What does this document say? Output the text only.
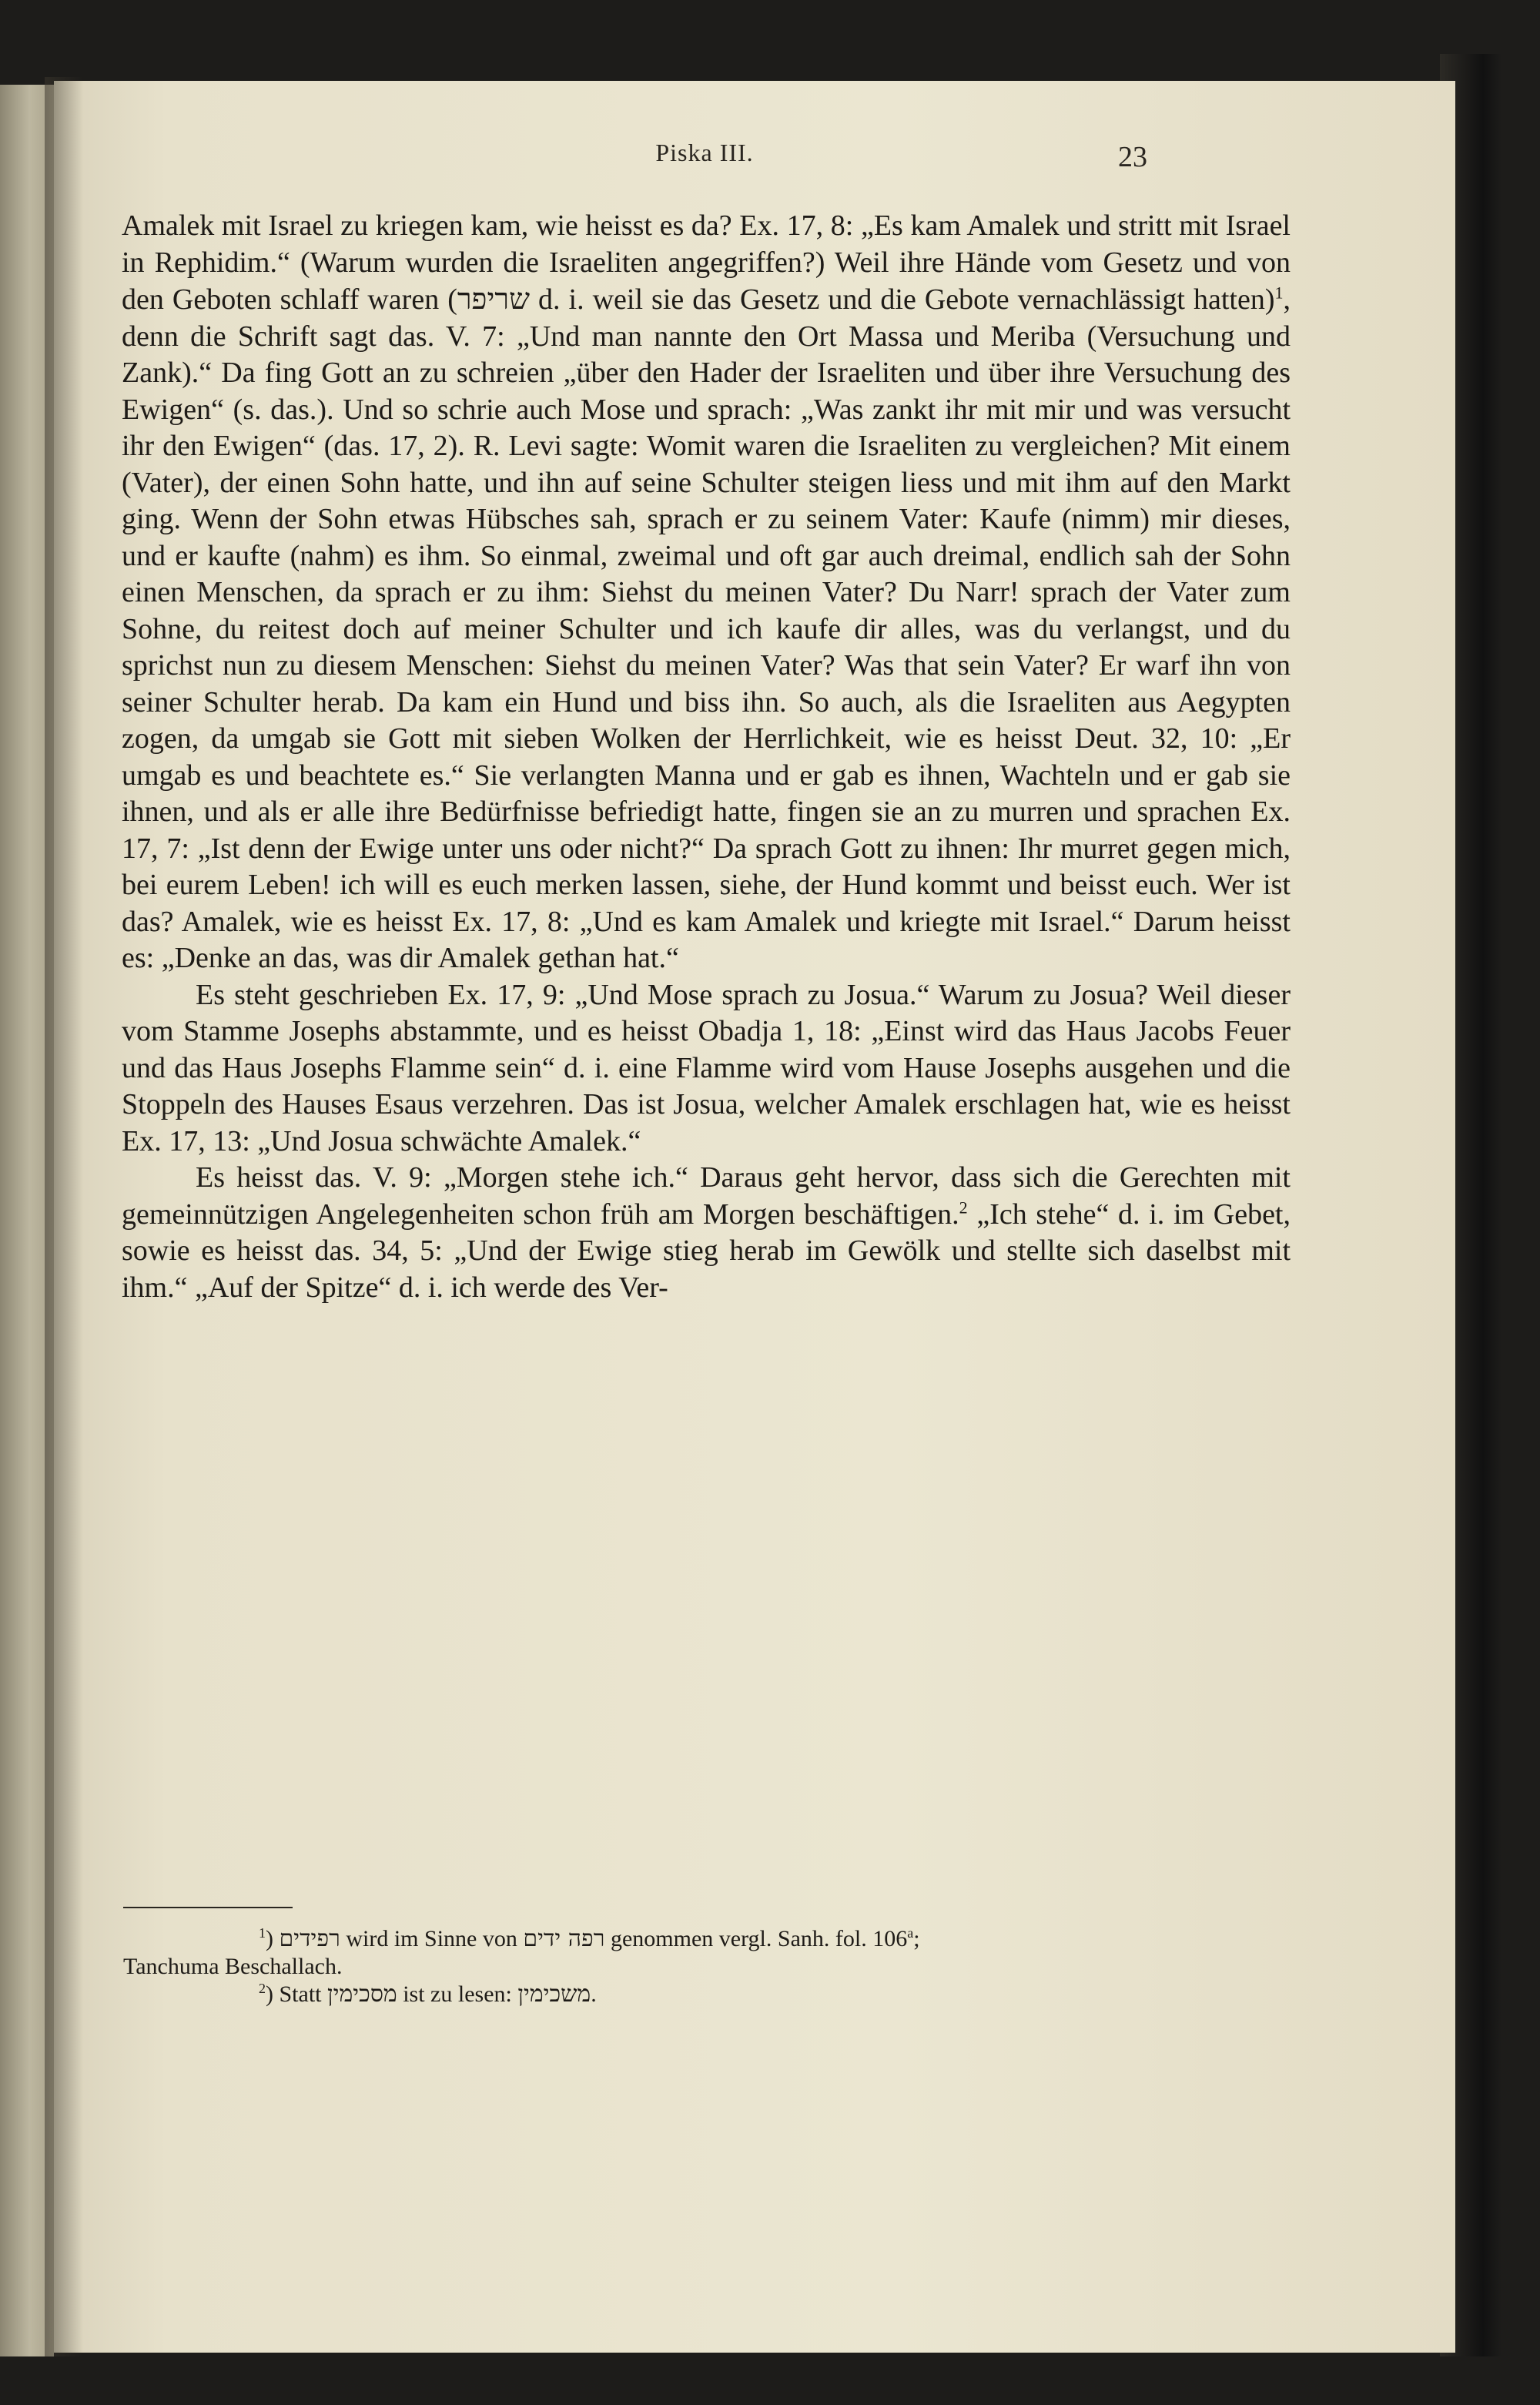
Piska III.	23

Amalek mit Israel zu kriegen kam, wie heisst es da? Ex. 17, 8: „Es kam Amalek und stritt mit Israel in Rephidim.“ (Warum wurden die Israeliten angegriffen?) Weil ihre Hände vom Gesetz und von den Geboten schlaff waren (שריפר d. i. weil sie das Gesetz und die Gebote vernachlässigt hatten)$^1$, denn die Schrift sagt das. V. 7: „Und man nannte den Ort Massa und Meriba (Versuchung und Zank).“ Da fing Gott an zu schreien „über den Hader der Israeliten und über ihre Versuchung des Ewigen“ (s. das.). Und so schrie auch Mose und sprach: „Was zankt ihr mit mir und was versucht ihr den Ewigen“ (das. 17, 2). R. Levi sagte: Womit waren die Israeliten zu vergleichen? Mit einem (Vater), der einen Sohn hatte, und ihn auf seine Schulter steigen liess und mit ihm auf den Markt ging. Wenn der Sohn etwas Hübsches sah, sprach er zu seinem Vater: Kaufe (nimm) mir dieses, und er kaufte (nahm) es ihm. So einmal, zweimal und oft gar auch dreimal, endlich sah der Sohn einen Menschen, da sprach er zu ihm: Siehst du meinen Vater? Du Narr! sprach der Vater zum Sohne, du reitest doch auf meiner Schulter und ich kaufe dir alles, was du verlangst, und du sprichst nun zu diesem Menschen: Siehst du meinen Vater? Was that sein Vater? Er warf ihn von seiner Schulter herab. Da kam ein Hund und biss ihn. So auch, als die Israeliten aus Aegypten zogen, da umgab sie Gott mit sieben Wolken der Herrlichkeit, wie es heisst Deut. 32, 10: „Er umgab es und beachtete es.“ Sie verlangten Manna und er gab es ihnen, Wachteln und er gab sie ihnen, und als er alle ihre Bedürfnisse befriedigt hatte, fingen sie an zu murren und sprachen Ex. 17, 7: „Ist denn der Ewige unter uns oder nicht?“ Da sprach Gott zu ihnen: Ihr murret gegen mich, bei eurem Leben! ich will es euch merken lassen, siehe, der Hund kommt und beisst euch. Wer ist das? Amalek, wie es heisst Ex. 17, 8: „Und es kam Amalek und kriegte mit Israel.“ Darum heisst es: „Denke an das, was dir Amalek gethan hat.“

Es steht geschrieben Ex. 17, 9: „Und Mose sprach zu Josua.“ Warum zu Josua? Weil dieser vom Stamme Josephs abstammte, und es heisst Obadja 1, 18: „Einst wird das Haus Jacobs Feuer und das Haus Josephs Flamme sein“ d. i. eine Flamme wird vom Hause Josephs ausgehen und die Stoppeln des Hauses Esaus verzehren. Das ist Josua, welcher Amalek erschlagen hat, wie es heisst Ex. 17, 13: „Und Josua schwächte Amalek.“

Es heisst das. V. 9: „Morgen stehe ich.“ Daraus geht hervor, dass sich die Gerechten mit gemeinnützigen Angelegenheiten schon früh am Morgen beschäftigen.$^2$ „Ich stehe“ d. i. im Gebet, sowie es heisst das. 34, 5: „Und der Ewige stieg herab im Gewölk und stellte sich daselbst mit ihm.“ „Auf der Spitze“ d. i. ich werde des Ver-

$^1$) רפידים wird im Sinne von רפה ידים genommen vergl. Sanh. fol. 106$^a$;

Tanchuma Beschallach.

$^2$) Statt מסכימין ist zu lesen: משכימין.
